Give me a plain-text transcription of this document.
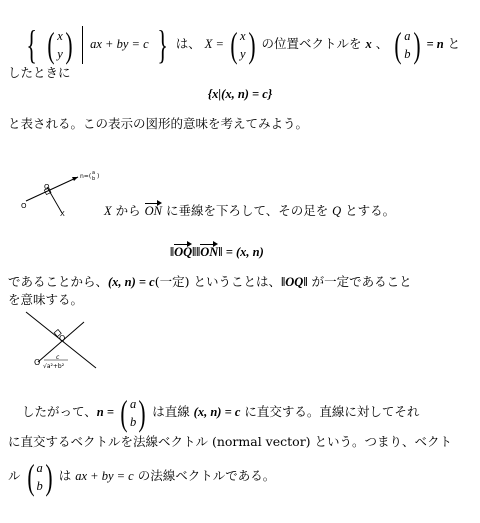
{ ( x
y ) ax + by = c } は、 X = ( x
y ) の位置ベクトルを x 、 ( a
b ) = n と
したときに
{x|(x, n) = c}
と表される。この表示の図形的意味を考えてみよう。
O
O
X
n=( a
b )
X から ON に垂線を下ろして、その足を Q とする。
‖OQ‖‖ON‖ = (x, n)
であることから、(x, n) = c(一定) ということは、‖OQ‖ が一定であること
を意味する。
Q
O
c
√a²+b²
したがって、n = ( a
b ) は直線 (x, n) = c に直交する。直線に対してそれ
に直交するベクトルを法線ベクトル (normal vector) という。つまり、ベクト
ル ( a
b ) は ax + by = c の法線ベクトルである。
